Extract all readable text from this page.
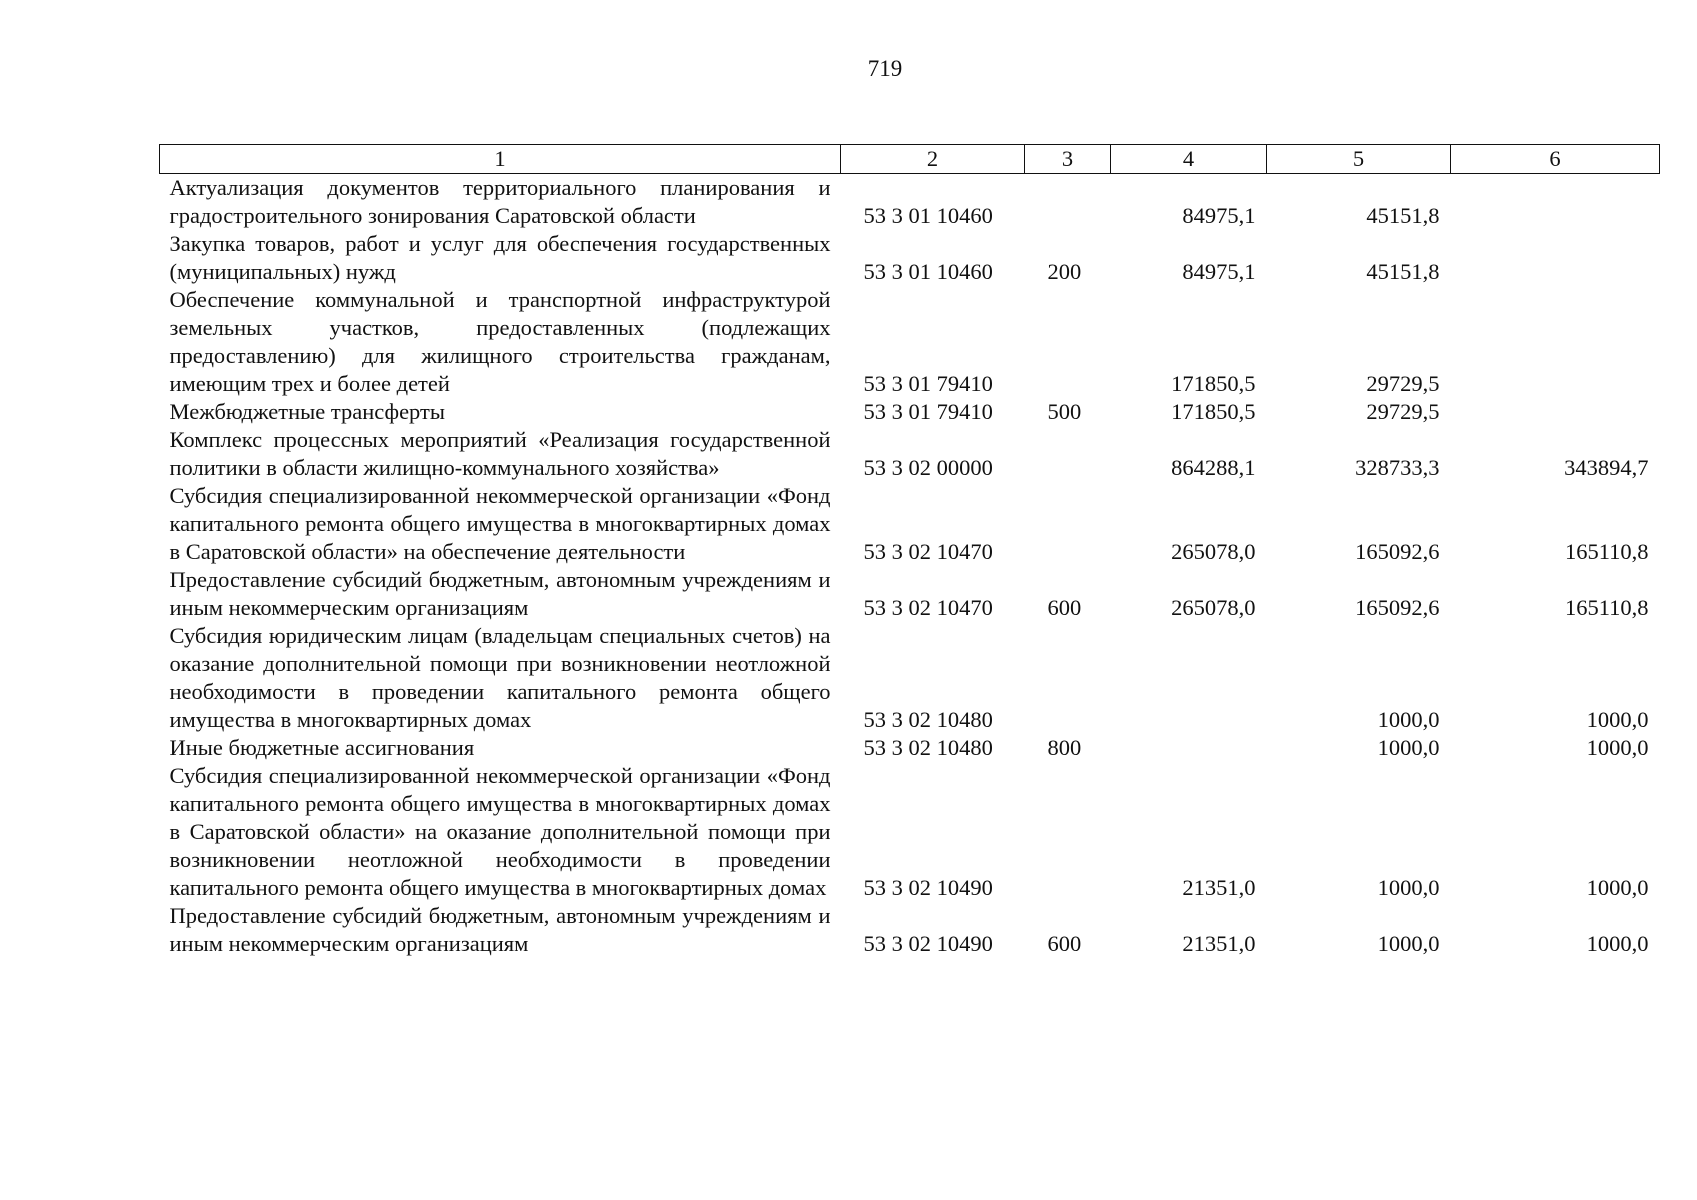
719
1	2	3	4	5	6
Актуализация документов территориального планирования и градостроительного зонирования Саратовской области	53 3 01 10460		84975,1	45151,8	
Закупка товаров, работ и услуг для обеспечения государственных (муниципальных) нужд	53 3 01 10460	200	84975,1	45151,8	
Обеспечение коммунальной и транспортной инфраструктурой земельных участков, предоставленных (подлежащих предоставлению) для жилищного строительства гражданам, имеющим трех и более детей	53 3 01 79410		171850,5	29729,5	
Межбюджетные трансферты	53 3 01 79410	500	171850,5	29729,5	
Комплекс процессных мероприятий «Реализация государственной политики в области жилищно-коммунального хозяйства»	53 3 02 00000		864288,1	328733,3	343894,7
Субсидия специализированной некоммерческой организации «Фонд капитального ремонта общего имущества в многоквартирных домах в Саратовской области» на обеспечение деятельности	53 3 02 10470		265078,0	165092,6	165110,8
Предоставление субсидий бюджетным, автономным учреждениям и иным некоммерческим организациям	53 3 02 10470	600	265078,0	165092,6	165110,8
Субсидия юридическим лицам (владельцам специальных счетов) на оказание дополнительной помощи при возникновении неотложной необходимости в проведении капитального ремонта общего имущества в многоквартирных домах	53 3 02 10480			1000,0	1000,0
Иные бюджетные ассигнования	53 3 02 10480	800		1000,0	1000,0
Субсидия специализированной некоммерческой организации «Фонд капитального ремонта общего имущества в многоквартирных домах в Саратовской области» на оказание дополнительной помощи при возникновении неотложной необходимости в проведении капитального ремонта общего имущества в многоквартирных домах	53 3 02 10490		21351,0	1000,0	1000,0
Предоставление субсидий бюджетным, автономным учреждениям и иным некоммерческим организациям	53 3 02 10490	600	21351,0	1000,0	1000,0
